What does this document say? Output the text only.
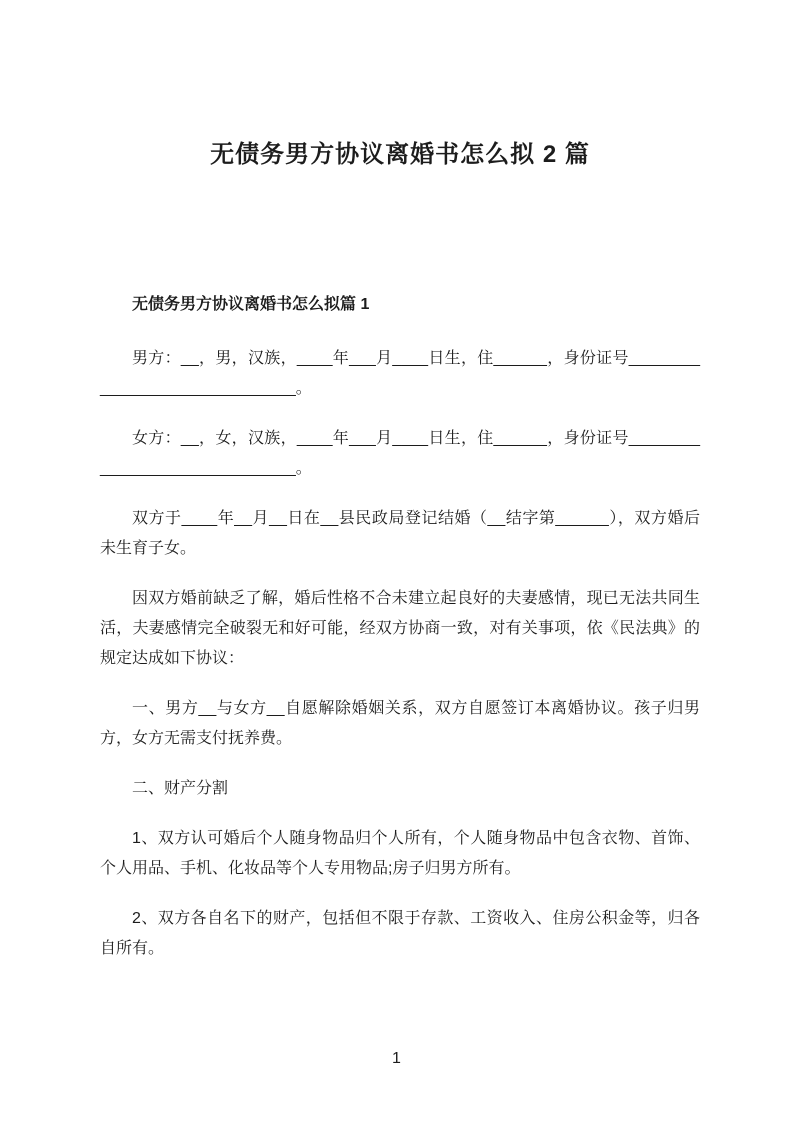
无债务男方协议离婚书怎么拟 2 篇
无债务男方协议离婚书怎么拟篇 1

男方：__，男，汉族，____年___月____日生，住______，身份证号______________________________。

女方：__，女，汉族，____年___月____日生，住______，身份证号______________________________。

双方于____年__月__日在__县民政局登记结婚（__结字第______），双方婚后未生育子女。

因双方婚前缺乏了解，婚后性格不合未建立起良好的夫妻感情，现已无法共同生活，夫妻感情完全破裂无和好可能，经双方协商一致，对有关事项，依《民法典》的规定达成如下协议：

一、男方__与女方__自愿解除婚姻关系，双方自愿签订本离婚协议。孩子归男方，女方无需支付抚养费。

二、财产分割

1、双方认可婚后个人随身物品归个人所有，个人随身物品中包含衣物、首饰、个人用品、手机、化妆品等个人专用物品;房子归男方所有。

2、双方各自名下的财产，包括但不限于存款、工资收入、住房公积金等，归各自所有。

1
